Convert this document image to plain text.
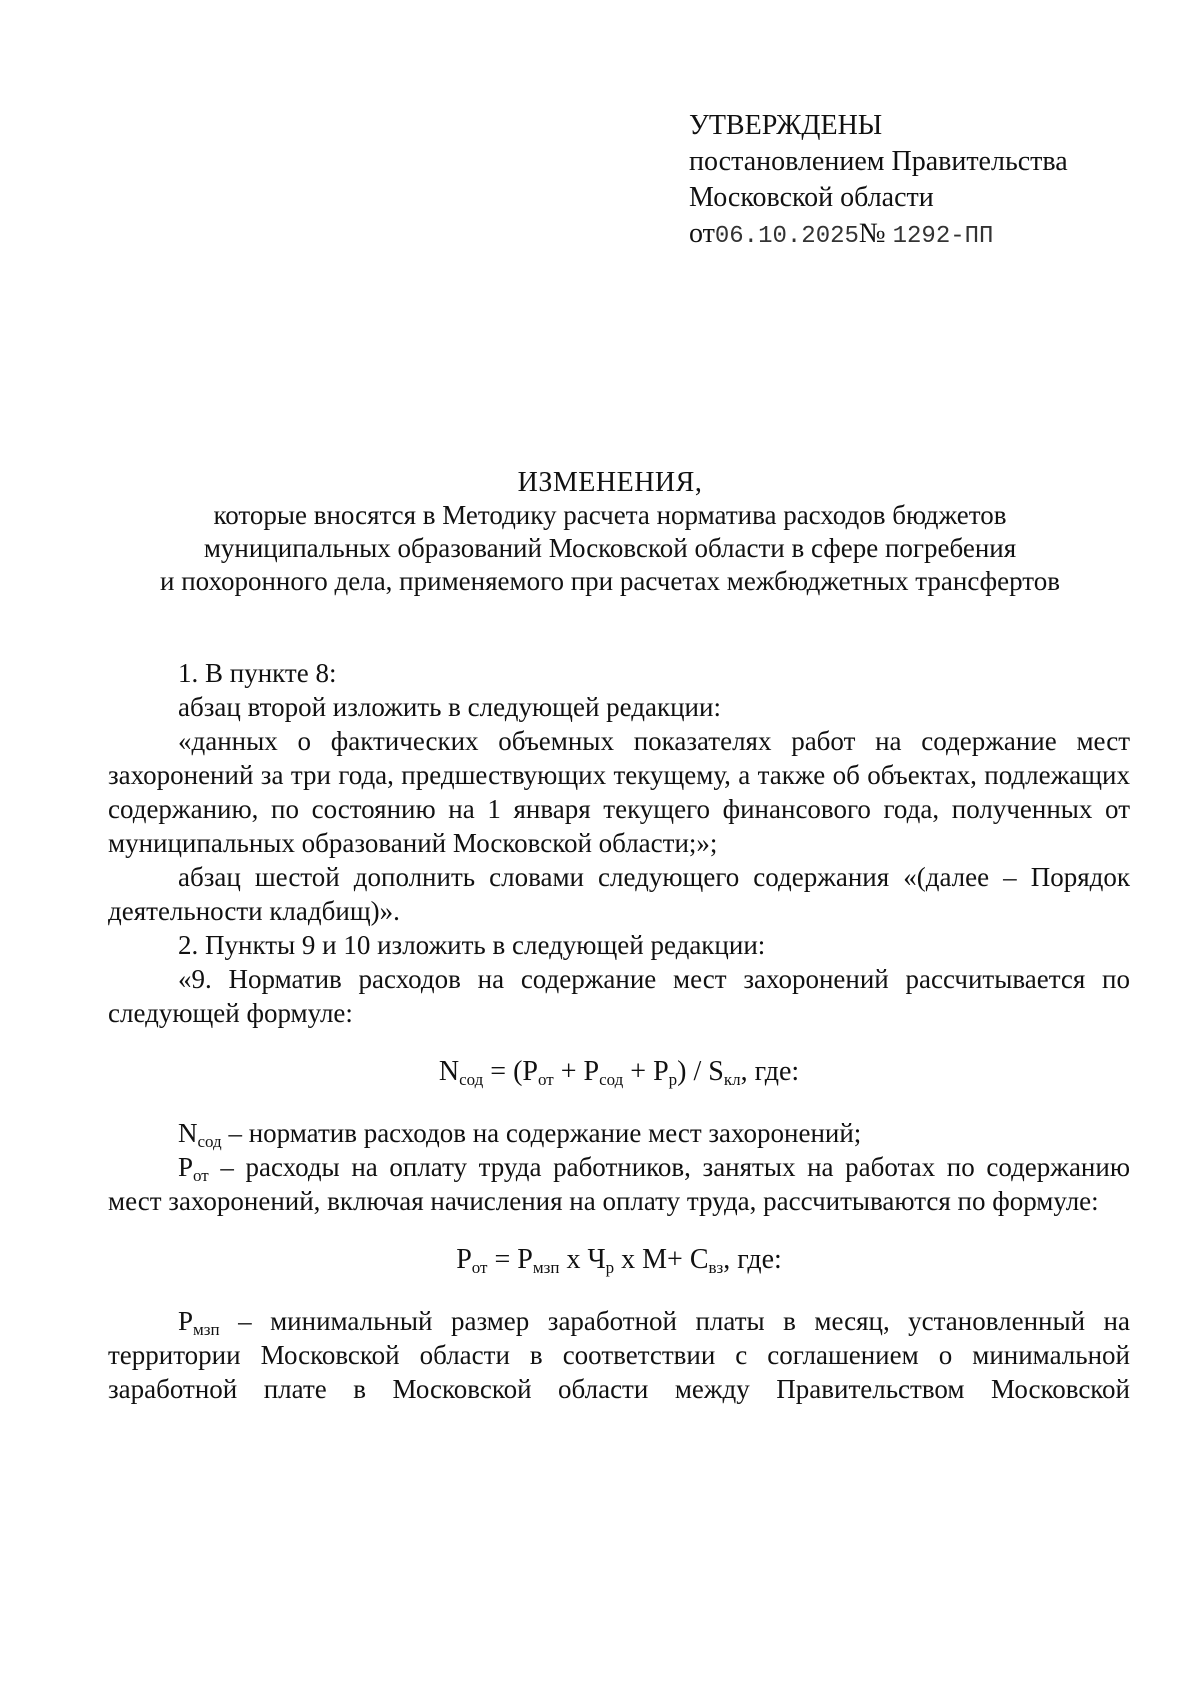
УТВЕРЖДЕНЫ
постановлением Правительства
Московской области
от06.10.2025№ 1292-ПП
ИЗМЕНЕНИЯ,
которые вносятся в Методику расчета норматива расходов бюджетов
муниципальных образований Московской области в сфере погребения
и похоронного дела, применяемого при расчетах межбюджетных трансфертов

1. В пункте 8:

абзац второй изложить в следующей редакции:

«данных о фактических объемных показателях работ на содержание мест захоронений за три года, предшествующих текущему, а также об объектах, подлежащих содержанию, по состоянию на 1 января текущего финансового года, полученных от муниципальных образований Московской области;»;

абзац шестой дополнить словами следующего содержания «(далее – Порядок деятельности кладбищ)».

2. Пункты 9 и 10 изложить в следующей редакции:

«9. Норматив расходов на содержание мест захоронений рассчитывается по следующей формуле:

$N_{сод} = (P_{от} + P_{сод} + P_р) / S_{кл}$, где:

$N_{сод}$ – норматив расходов на содержание мест захоронений;

$P_{от}$ – расходы на оплату труда работников, занятых на работах по содержанию мест захоронений, включая начисления на оплату труда, рассчитываются по формуле:

$P_{от} = P_{мзп}$ x $Ч_р$ x $M+ C_{вз}$, где:

$P_{мзп}$ – минимальный размер заработной платы в месяц, установленный на территории Московской области в соответствии с соглашением о минимальной заработной плате в Московской области между Правительством Московской
